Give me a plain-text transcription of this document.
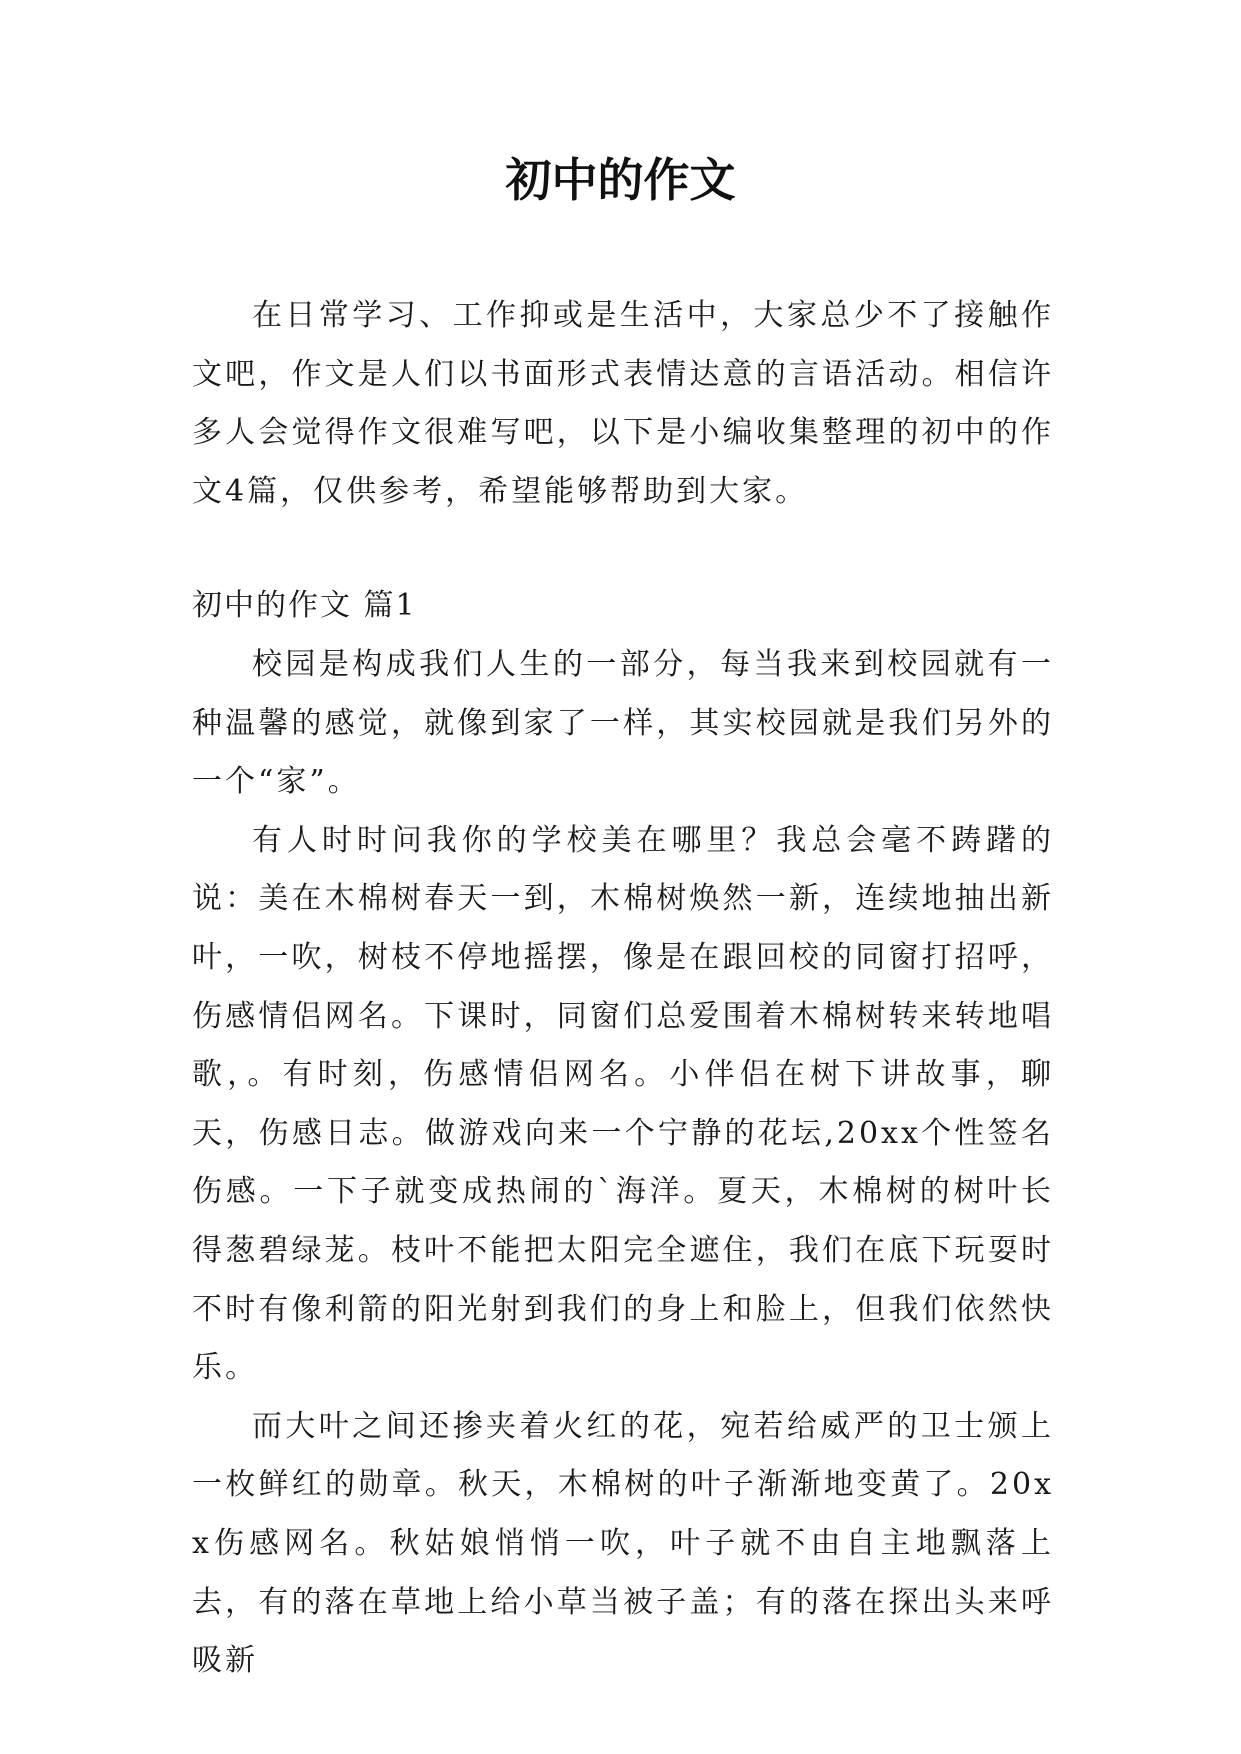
初中的作文

在日常学习、工作抑或是生活中，大家总少不了接触作文吧，作文是人们以书面形式表情达意的言语活动。相信许多人会觉得作文很难写吧，以下是小编收集整理的初中的作文4篇，仅供参考，希望能够帮助到大家。

初中的作文 篇1

校园是构成我们人生的一部分，每当我来到校园就有一种温馨的感觉，就像到家了一样，其实校园就是我们另外的一个“家”。

有人时时问我你的学校美在哪里？我总会毫不踌躇的说：美在木棉树春天一到，木棉树焕然一新，连续地抽出新叶，一吹，树枝不停地摇摆，像是在跟回校的同窗打招呼，伤感情侣网名。下课时，同窗们总爱围着木棉树转来转地唱歌，。有时刻，伤感情侣网名。小伴侣在树下讲故事，聊天，伤感日志。做游戏向来一个宁静的花坛,20xx个性签名伤感。一下子就变成热闹的`海洋。夏天，木棉树的树叶长得葱碧绿茏。枝叶不能把太阳完全遮住，我们在底下玩耍时不时有像利箭的阳光射到我们的身上和脸上，但我们依然快乐。

而大叶之间还掺夹着火红的花，宛若给威严的卫士颁上一枚鲜红的勋章。秋天，木棉树的叶子渐渐地变黄了。20xx伤感网名。秋姑娘悄悄一吹，叶子就不由自主地飘落上去，有的落在草地上给小草当被子盖；有的落在探出头来呼吸新
